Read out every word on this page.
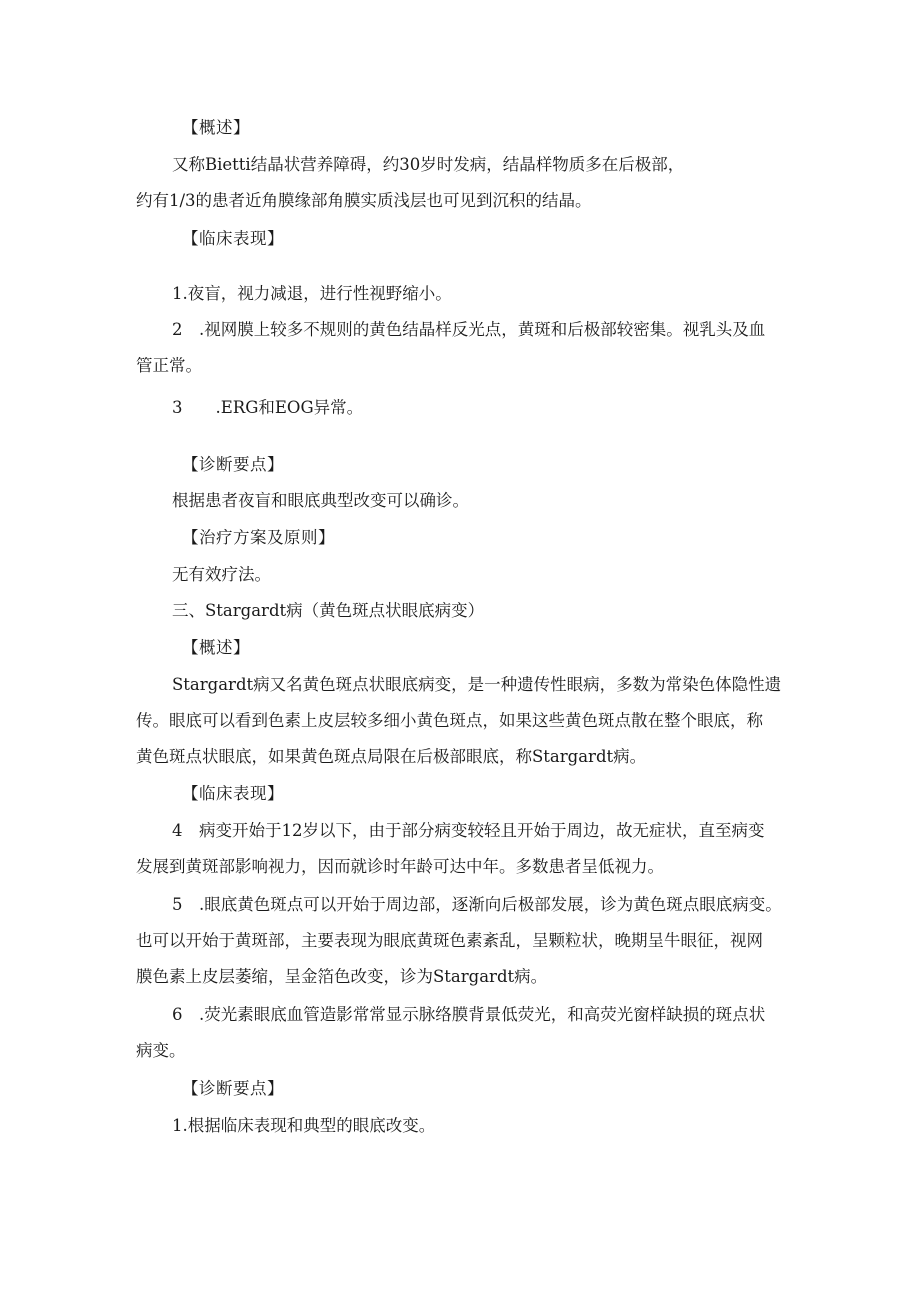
【概述】
又称Bietti结晶状营养障碍，约30岁时发病，结晶样物质多在后极部，
约有1/3的患者近角膜缘部角膜实质浅层也可见到沉积的结晶。
【临床表现】
1.夜盲，视力减退，进行性视野缩小。
2　.视网膜上较多不规则的黄色结晶样反光点，黄斑和后极部较密集。视乳头及血
管正常。
3　　.ERG和EOG异常。
【诊断要点】
根据患者夜盲和眼底典型改变可以确诊。
【治疗方案及原则】
无有效疗法。
三、Stargardt病（黄色斑点状眼底病变）
【概述】
Stargardt病又名黄色斑点状眼底病变，是一种遗传性眼病，多数为常染色体隐性遗
传。眼底可以看到色素上皮层较多细小黄色斑点，如果这些黄色斑点散在整个眼底，称
黄色斑点状眼底，如果黄色斑点局限在后极部眼底，称Stargardt病。
【临床表现】
4　病变开始于12岁以下，由于部分病变较轻且开始于周边，故无症状，直至病变
发展到黄斑部影响视力，因而就诊时年龄可达中年。多数患者呈低视力。
5　.眼底黄色斑点可以开始于周边部，逐渐向后极部发展，诊为黄色斑点眼底病变。
也可以开始于黄斑部，主要表现为眼底黄斑色素紊乱，呈颗粒状，晚期呈牛眼征，视网
膜色素上皮层萎缩，呈金箔色改变，诊为Stargardt病。
6　.荧光素眼底血管造影常常显示脉络膜背景低荧光，和高荧光窗样缺损的斑点状
病变。
【诊断要点】
1.根据临床表现和典型的眼底改变。
